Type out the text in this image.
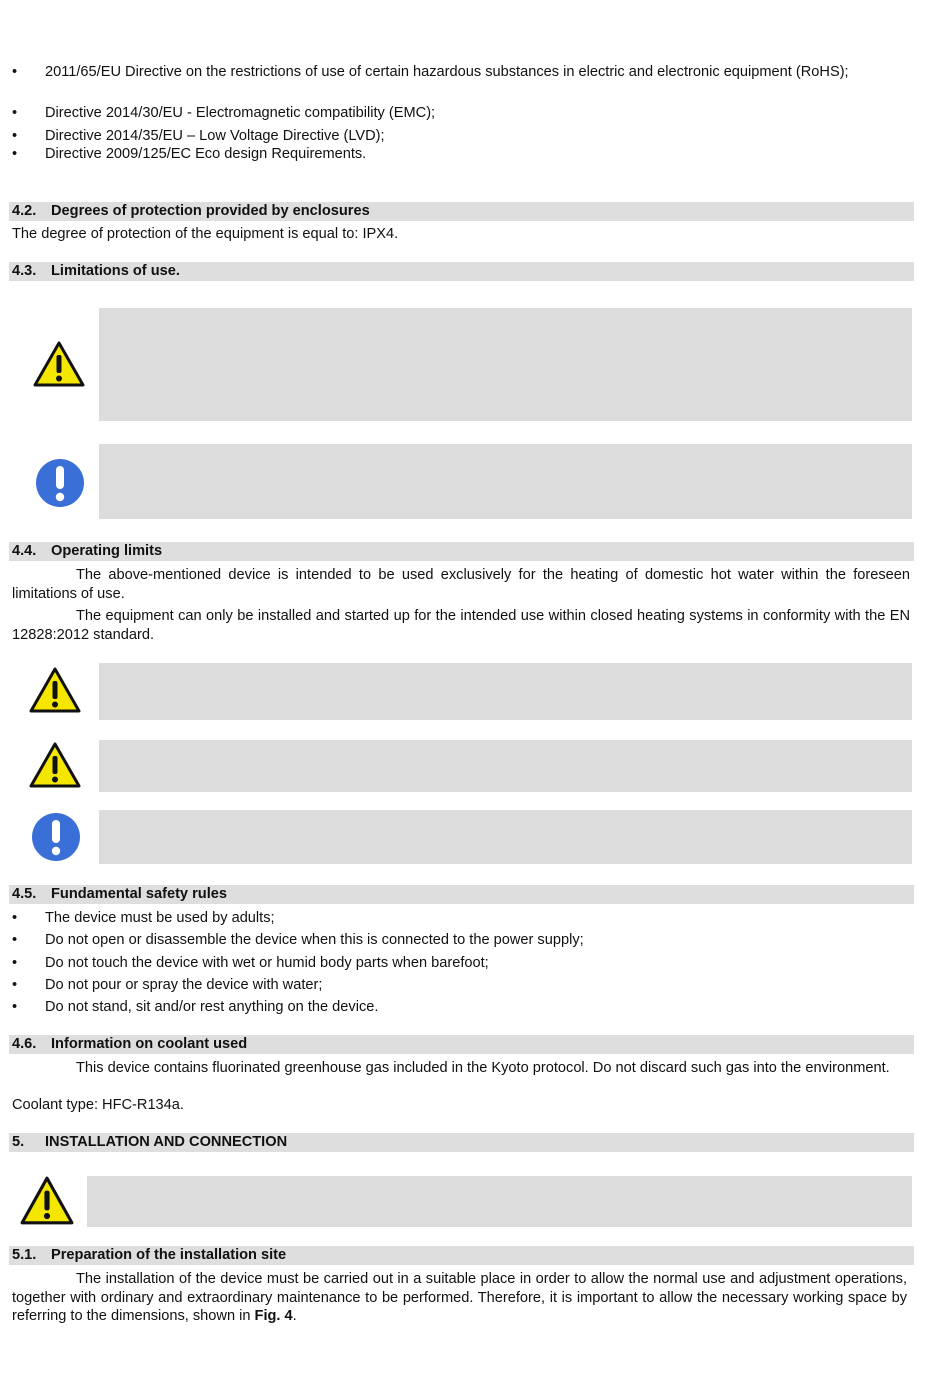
• 2011/65/EU Directive on the restrictions of use of certain hazardous substances in electric and electronic equipment (RoHS);
• Directive 2014/30/EU - Electromagnetic compatibility (EMC);
• Directive 2014/35/EU – Low Voltage Directive (LVD);
• Directive 2009/125/EC Eco design Requirements.
4.2. Degrees of protection provided by enclosures
The degree of protection of the equipment is equal to: IPX4.
4.3. Limitations of use.
4.4. Operating limits
The above-mentioned device is intended to be used exclusively for the heating of domestic hot water within the foreseen limitations of use.
The equipment can only be installed and started up for the intended use within closed heating systems in conformity with the EN 12828:2012 standard.
4.5. Fundamental safety rules
• The device must be used by adults;
• Do not open or disassemble the device when this is connected to the power supply;
• Do not touch the device with wet or humid body parts when barefoot;
• Do not pour or spray the device with water;
• Do not stand, sit and/or rest anything on the device.
4.6. Information on coolant used
This device contains fluorinated greenhouse gas included in the Kyoto protocol. Do not discard such gas into the environment.
Coolant type: HFC-R134a.
5. INSTALLATION AND CONNECTION
5.1. Preparation of the installation site
The installation of the device must be carried out in a suitable place in order to allow the normal use and adjustment operations, together with ordinary and extraordinary maintenance to be performed. Therefore, it is important to allow the necessary working space by referring to the dimensions, shown in Fig. 4.
